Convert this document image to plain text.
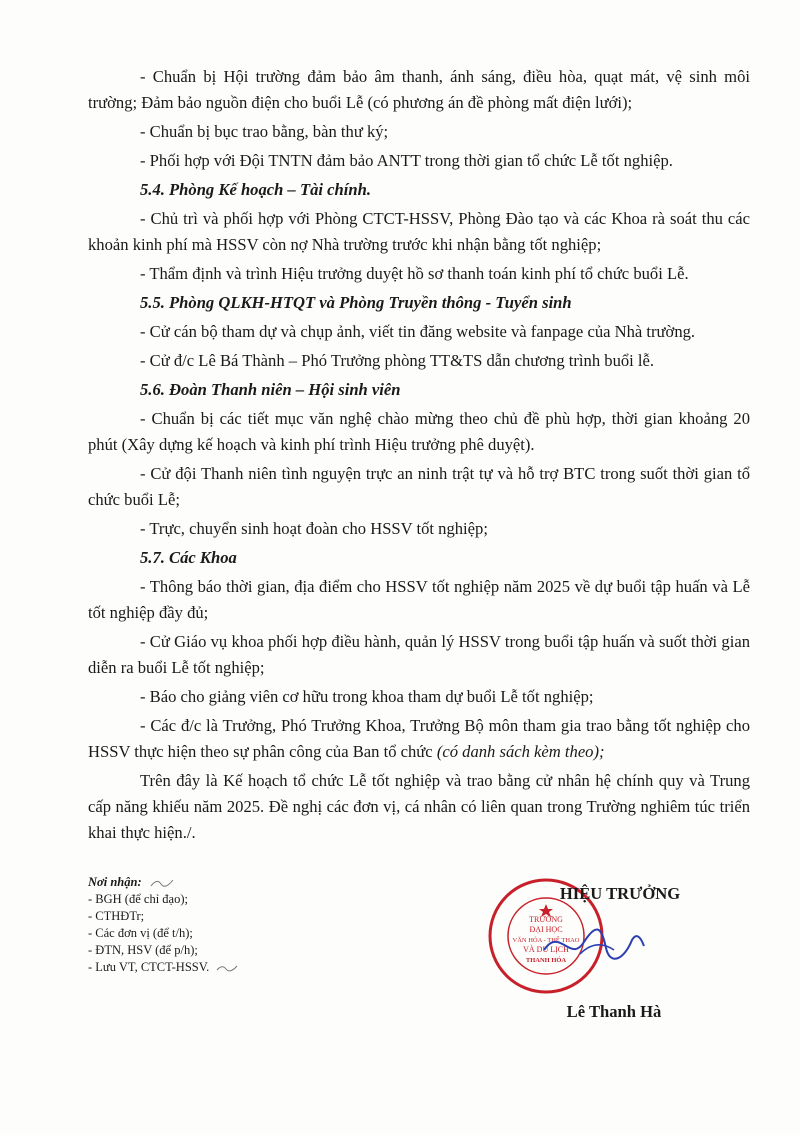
- Chuẩn bị Hội trường đảm bảo âm thanh, ánh sáng, điều hòa, quạt mát, vệ sinh môi trường; Đảm bảo nguồn điện cho buổi Lễ (có phương án đề phòng mất điện lưới);

- Chuẩn bị bục trao bằng, bàn thư ký;

- Phối hợp với Đội TNTN đảm bảo ANTT trong thời gian tổ chức Lễ tốt nghiệp.

5.4. Phòng Kế hoạch – Tài chính.

- Chủ trì và phối hợp với Phòng CTCT-HSSV, Phòng Đào tạo và các Khoa rà soát thu các khoản kinh phí mà HSSV còn nợ Nhà trường trước khi nhận bằng tốt nghiệp;

- Thẩm định và trình Hiệu trưởng duyệt hồ sơ thanh toán kinh phí tổ chức buổi Lễ.

5.5. Phòng QLKH-HTQT và Phòng Truyền thông - Tuyển sinh

- Cử cán bộ tham dự và chụp ảnh, viết tin đăng website và fanpage của Nhà trường.

- Cử đ/c Lê Bá Thành – Phó Trưởng phòng TT&TS dẫn chương trình buổi lễ.

5.6. Đoàn Thanh niên – Hội sinh viên

- Chuẩn bị các tiết mục văn nghệ chào mừng theo chủ đề phù hợp, thời gian khoảng 20 phút (Xây dựng kế hoạch và kinh phí trình Hiệu trưởng phê duyệt).

- Cử đội Thanh niên tình nguyện trực an ninh trật tự và hỗ trợ BTC trong suốt thời gian tổ chức buổi Lễ;

- Trực, chuyển sinh hoạt đoàn cho HSSV tốt nghiệp;

5.7. Các Khoa

- Thông báo thời gian, địa điểm cho HSSV tốt nghiệp năm 2025 về dự buổi tập huấn và Lễ tốt nghiệp đầy đủ;

- Cử Giáo vụ khoa phối hợp điều hành, quản lý HSSV trong buổi tập huấn và suốt thời gian diễn ra buổi Lễ tốt nghiệp;

- Báo cho giảng viên cơ hữu trong khoa tham dự buổi Lễ tốt nghiệp;

- Các đ/c là Trưởng, Phó Trưởng Khoa, Trưởng Bộ môn tham gia trao bằng tốt nghiệp cho HSSV thực hiện theo sự phân công của Ban tổ chức (có danh sách kèm theo);

Trên đây là Kế hoạch tổ chức Lễ tốt nghiệp và trao bằng cử nhân hệ chính quy và Trung cấp năng khiếu năm 2025. Đề nghị các đơn vị, cá nhân có liên quan trong Trường nghiêm túc triển khai thực hiện./.

Nơi nhận:
- BGH (để chỉ đạo);
- CTHĐTr;
- Các đơn vị (để t/h);
- ĐTN, HSV (để p/h);
- Lưu VT, CTCT-HSSV.
TRƯỜNG
ĐẠI HỌC
VĂN HÓA - THỂ THAO
VÀ DU LỊCH
THANH HÓA
HIỆU TRƯỞNG
Lê Thanh Hà
